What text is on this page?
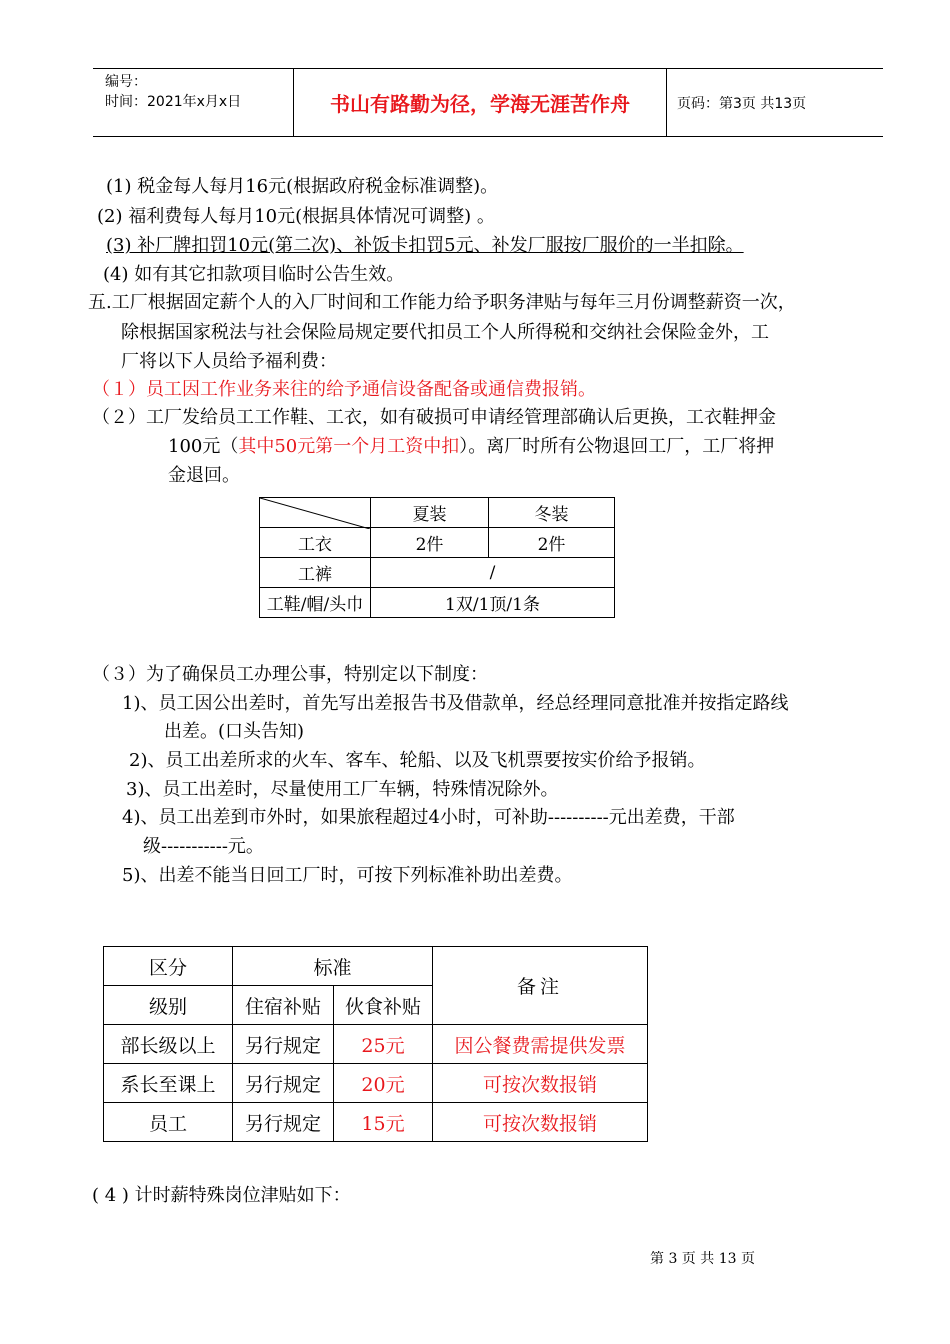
编号：
时间：2021年x月x日	书山有路勤为径，学海无涯苦作舟	页码：第3页 共13页
(1) 税金每人每月16元(根据政府税金标准调整)。
(2) 福利费每人每月10元(根据具体情况可调整) 。
(3) 补厂牌扣罚10元(第二次)、补饭卡扣罚5元、补发厂服按厂服价的一半扣除。
(4) 如有其它扣款项目临时公告生效。
五.工厂根据固定薪个人的入厂时间和工作能力给予职务津贴与每年三月份调整薪资一次，
除根据国家税法与社会保险局规定要代扣员工个人所得税和交纳社会保险金外，工
厂将以下人员给予福利费：
（１）员工因工作业务来往的给予通信设备配备或通信费报销。
（２）工厂发给员工工作鞋、工衣，如有破损可申请经管理部确认后更换，工衣鞋押金
100元（其中50元第一个月工资中扣）。离厂时所有公物退回工厂，工厂将押
金退回。
	夏装	冬装
工衣	2件	2件
工裤	/	
工鞋/帽/头巾	1双/1顶/1条	
（３）为了确保员工办理公事，特别定以下制度：
1)、员工因公出差时，首先写出差报告书及借款单，经总经理同意批准并按指定路线
出差。(口头告知)
2)、员工出差所求的火车、客车、轮船、以及飞机票要按实价给予报销。
3)、员工出差时，尽量使用工厂车辆，特殊情况除外。
4)、员工出差到市外时，如果旅程超过4小时，可补助----------元出差费，干部
级-----------元。
5)、出差不能当日回工厂时，可按下列标准补助出差费。
区分	标准		备注
级别	住宿补贴	伙食补贴	
部长级以上	另行规定	25元	因公餐费需提供发票
系长至课上	另行规定	20元	可按次数报销
员工	另行规定	15元	可按次数报销
( 4 ) 计时薪特殊岗位津贴如下：
第 3 页 共 13 页
